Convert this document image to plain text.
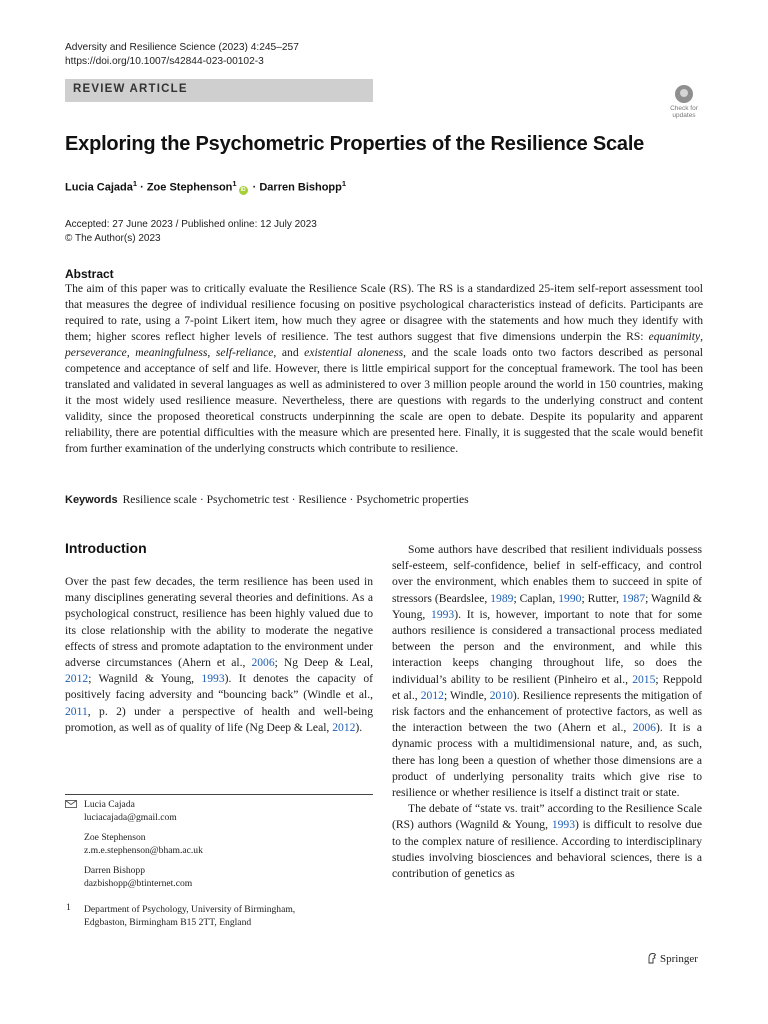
Adversity and Resilience Science (2023) 4:245–257
https://doi.org/10.1007/s42844-023-00102-3
REVIEW ARTICLE
Check for
updates
Exploring the Psychometric Properties of the Resilience Scale
Lucia Cajada$^1$ · Zoe Stephenson$^1$iD · Darren Bishopp$^1$
Accepted: 27 June 2023 / Published online: 12 July 2023
© The Author(s) 2023
Abstract
The aim of this paper was to critically evaluate the Resilience Scale (RS). The RS is a standardized 25-item self-report assessment tool that measures the degree of individual resilience focusing on positive psychological characteristics instead of deficits. Participants are required to rate, using a 7-point Likert item, how much they agree or disagree with the statements and how much they identify with them; higher scores reflect higher levels of resilience. The test authors suggest that five dimensions underpin the RS: equanimity, perseverance, meaningfulness, self-reliance, and existential aloneness, and the scale loads onto two factors described as personal competence and acceptance of self and life. However, there is little empirical support for the conceptual framework. The tool has been translated and validated in several languages as well as administered to over 3 million people around the world in 150 countries, making it the most widely used resilience measure. Nevertheless, there are questions with regards to the underlying construct and content validity, since the proposed theoretical constructs underpinning the scale are open to debate. Despite its popularity and apparent reliability, there are potential difficulties with the measure which are presented here. Finally, it is suggested that the scale would benefit from further examination of the underlying constructs which contribute to resilience.
Keywords Resilience scale · Psychometric test · Resilience · Psychometric properties
Introduction

Over the past few decades, the term resilience has been used in many disciplines generating several theories and definitions. As a psychological construct, resilience has been highly valued due to its close relationship with the ability to moderate the negative effects of stress and promote adaptation to the environment under adverse circumstances (Ahern et al., 2006; Ng Deep & Leal, 2012; Wagnild & Young, 1993). It denotes the capacity of positively facing adversity and “bouncing back” (Windle et al., 2011, p. 2) under a perspective of health and well-being promotion, as well as of quality of life (Ng Deep & Leal, 2012).

Some authors have described that resilient individuals possess self-esteem, self-confidence, belief in self-efficacy, and control over the environment, which enables them to succeed in spite of stressors (Beardslee, 1989; Caplan, 1990; Rutter, 1987; Wagnild & Young, 1993). It is, however, important to note that for some authors resilience is considered a transactional process mediated between the person and the environment, and while this interaction keeps changing throughout life, so does the individual’s ability to be resilient (Pinheiro et al., 2015; Reppold et al., 2012; Windle, 2010). Resilience represents the mitigation of risk factors and the enhancement of protective factors, as well as the interaction between the two (Ahern et al., 2006). It is a dynamic process with a multidimensional nature, and, as such, there has long been a question of whether those dimensions are a product of underlying personality traits which give rise to resilience or whether resilience is itself a distinct trait or state.

The debate of “state vs. trait” according to the Resilience Scale (RS) authors (Wagnild & Young, 1993) is difficult to resolve due to the complex nature of resilience. According to interdisciplinary studies involving biosciences and behavioral sciences, there is a contribution of genetics as

Lucia Cajada
luciacajada@gmail.com
Zoe Stephenson
z.m.e.stephenson@bham.ac.uk
Darren Bishopp
dazbishopp@btinternet.com
1 Department of Psychology, University of Birmingham,
Edgbaston, Birmingham B15 2TT, England
Springer
